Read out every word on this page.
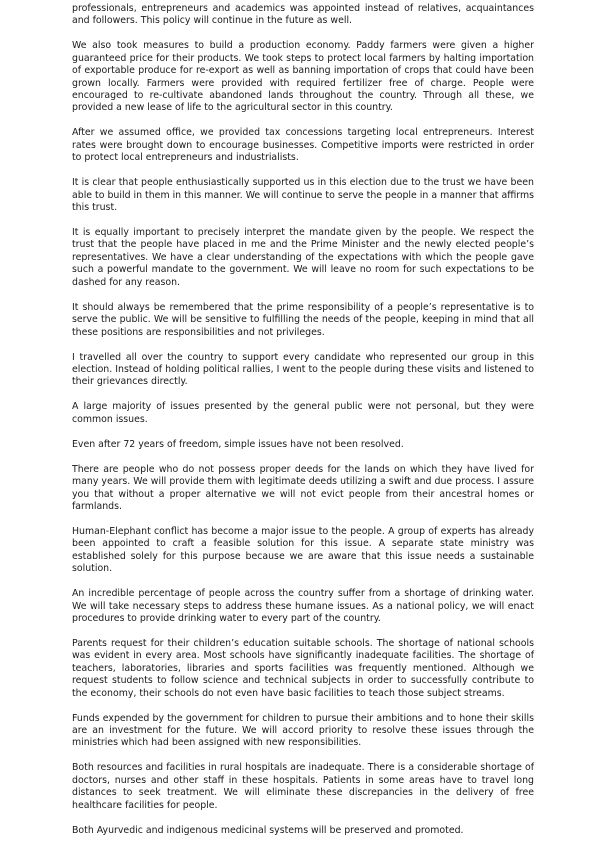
professionals, entrepreneurs and academics was appointed instead of relatives, acquaintances and followers. This policy will continue in the future as well.

We also took measures to build a production economy. Paddy farmers were given a higher guaranteed price for their products. We took steps to protect local farmers by halting importation of exportable produce for re-export as well as banning importation of crops that could have been grown locally. Farmers were provided with required fertilizer free of charge. People were encouraged to re-cultivate abandoned lands throughout the country. Through all these, we provided a new lease of life to the agricultural sector in this country.

After we assumed office, we provided tax concessions targeting local entrepreneurs. Interest rates were brought down to encourage businesses. Competitive imports were restricted in order to protect local entrepreneurs and industrialists.

It is clear that people enthusiastically supported us in this election due to the trust we have been able to build in them in this manner. We will continue to serve the people in a manner that affirms this trust.

It is equally important to precisely interpret the mandate given by the people. We respect the trust that the people have placed in me and the Prime Minister and the newly elected people’s representatives. We have a clear understanding of the expectations with which the people gave such a powerful mandate to the government. We will leave no room for such expectations to be dashed for any reason.

It should always be remembered that the prime responsibility of a people’s representative is to serve the public. We will be sensitive to fulfilling the needs of the people, keeping in mind that all these positions are responsibilities and not privileges.

I travelled all over the country to support every candidate who represented our group in this election. Instead of holding political rallies, I went to the people during these visits and listened to their grievances directly.

A large majority of issues presented by the general public were not personal, but they were common issues.

Even after 72 years of freedom, simple issues have not been resolved.

There are people who do not possess proper deeds for the lands on which they have lived for many years. We will provide them with legitimate deeds utilizing a swift and due process. I assure you that without a proper alternative we will not evict people from their ancestral homes or farmlands.

Human-Elephant conflict has become a major issue to the people. A group of experts has already been appointed to craft a feasible solution for this issue. A separate state ministry was established solely for this purpose because we are aware that this issue needs a sustainable solution.

An incredible percentage of people across the country suffer from a shortage of drinking water. We will take necessary steps to address these humane issues. As a national policy, we will enact procedures to provide drinking water to every part of the country.

Parents request for their children’s education suitable schools. The shortage of national schools was evident in every area. Most schools have significantly inadequate facilities. The shortage of teachers, laboratories, libraries and sports facilities was frequently mentioned. Although we request students to follow science and technical subjects in order to successfully contribute to the economy, their schools do not even have basic facilities to teach those subject streams.

Funds expended by the government for children to pursue their ambitions and to hone their skills are an investment for the future. We will accord priority to resolve these issues through the ministries which had been assigned with new responsibilities.

Both resources and facilities in rural hospitals are inadequate. There is a considerable shortage of doctors, nurses and other staff in these hospitals. Patients in some areas have to travel long distances to seek treatment. We will eliminate these discrepancies in the delivery of free healthcare facilities for people.

Both Ayurvedic and indigenous medicinal systems will be preserved and promoted.
